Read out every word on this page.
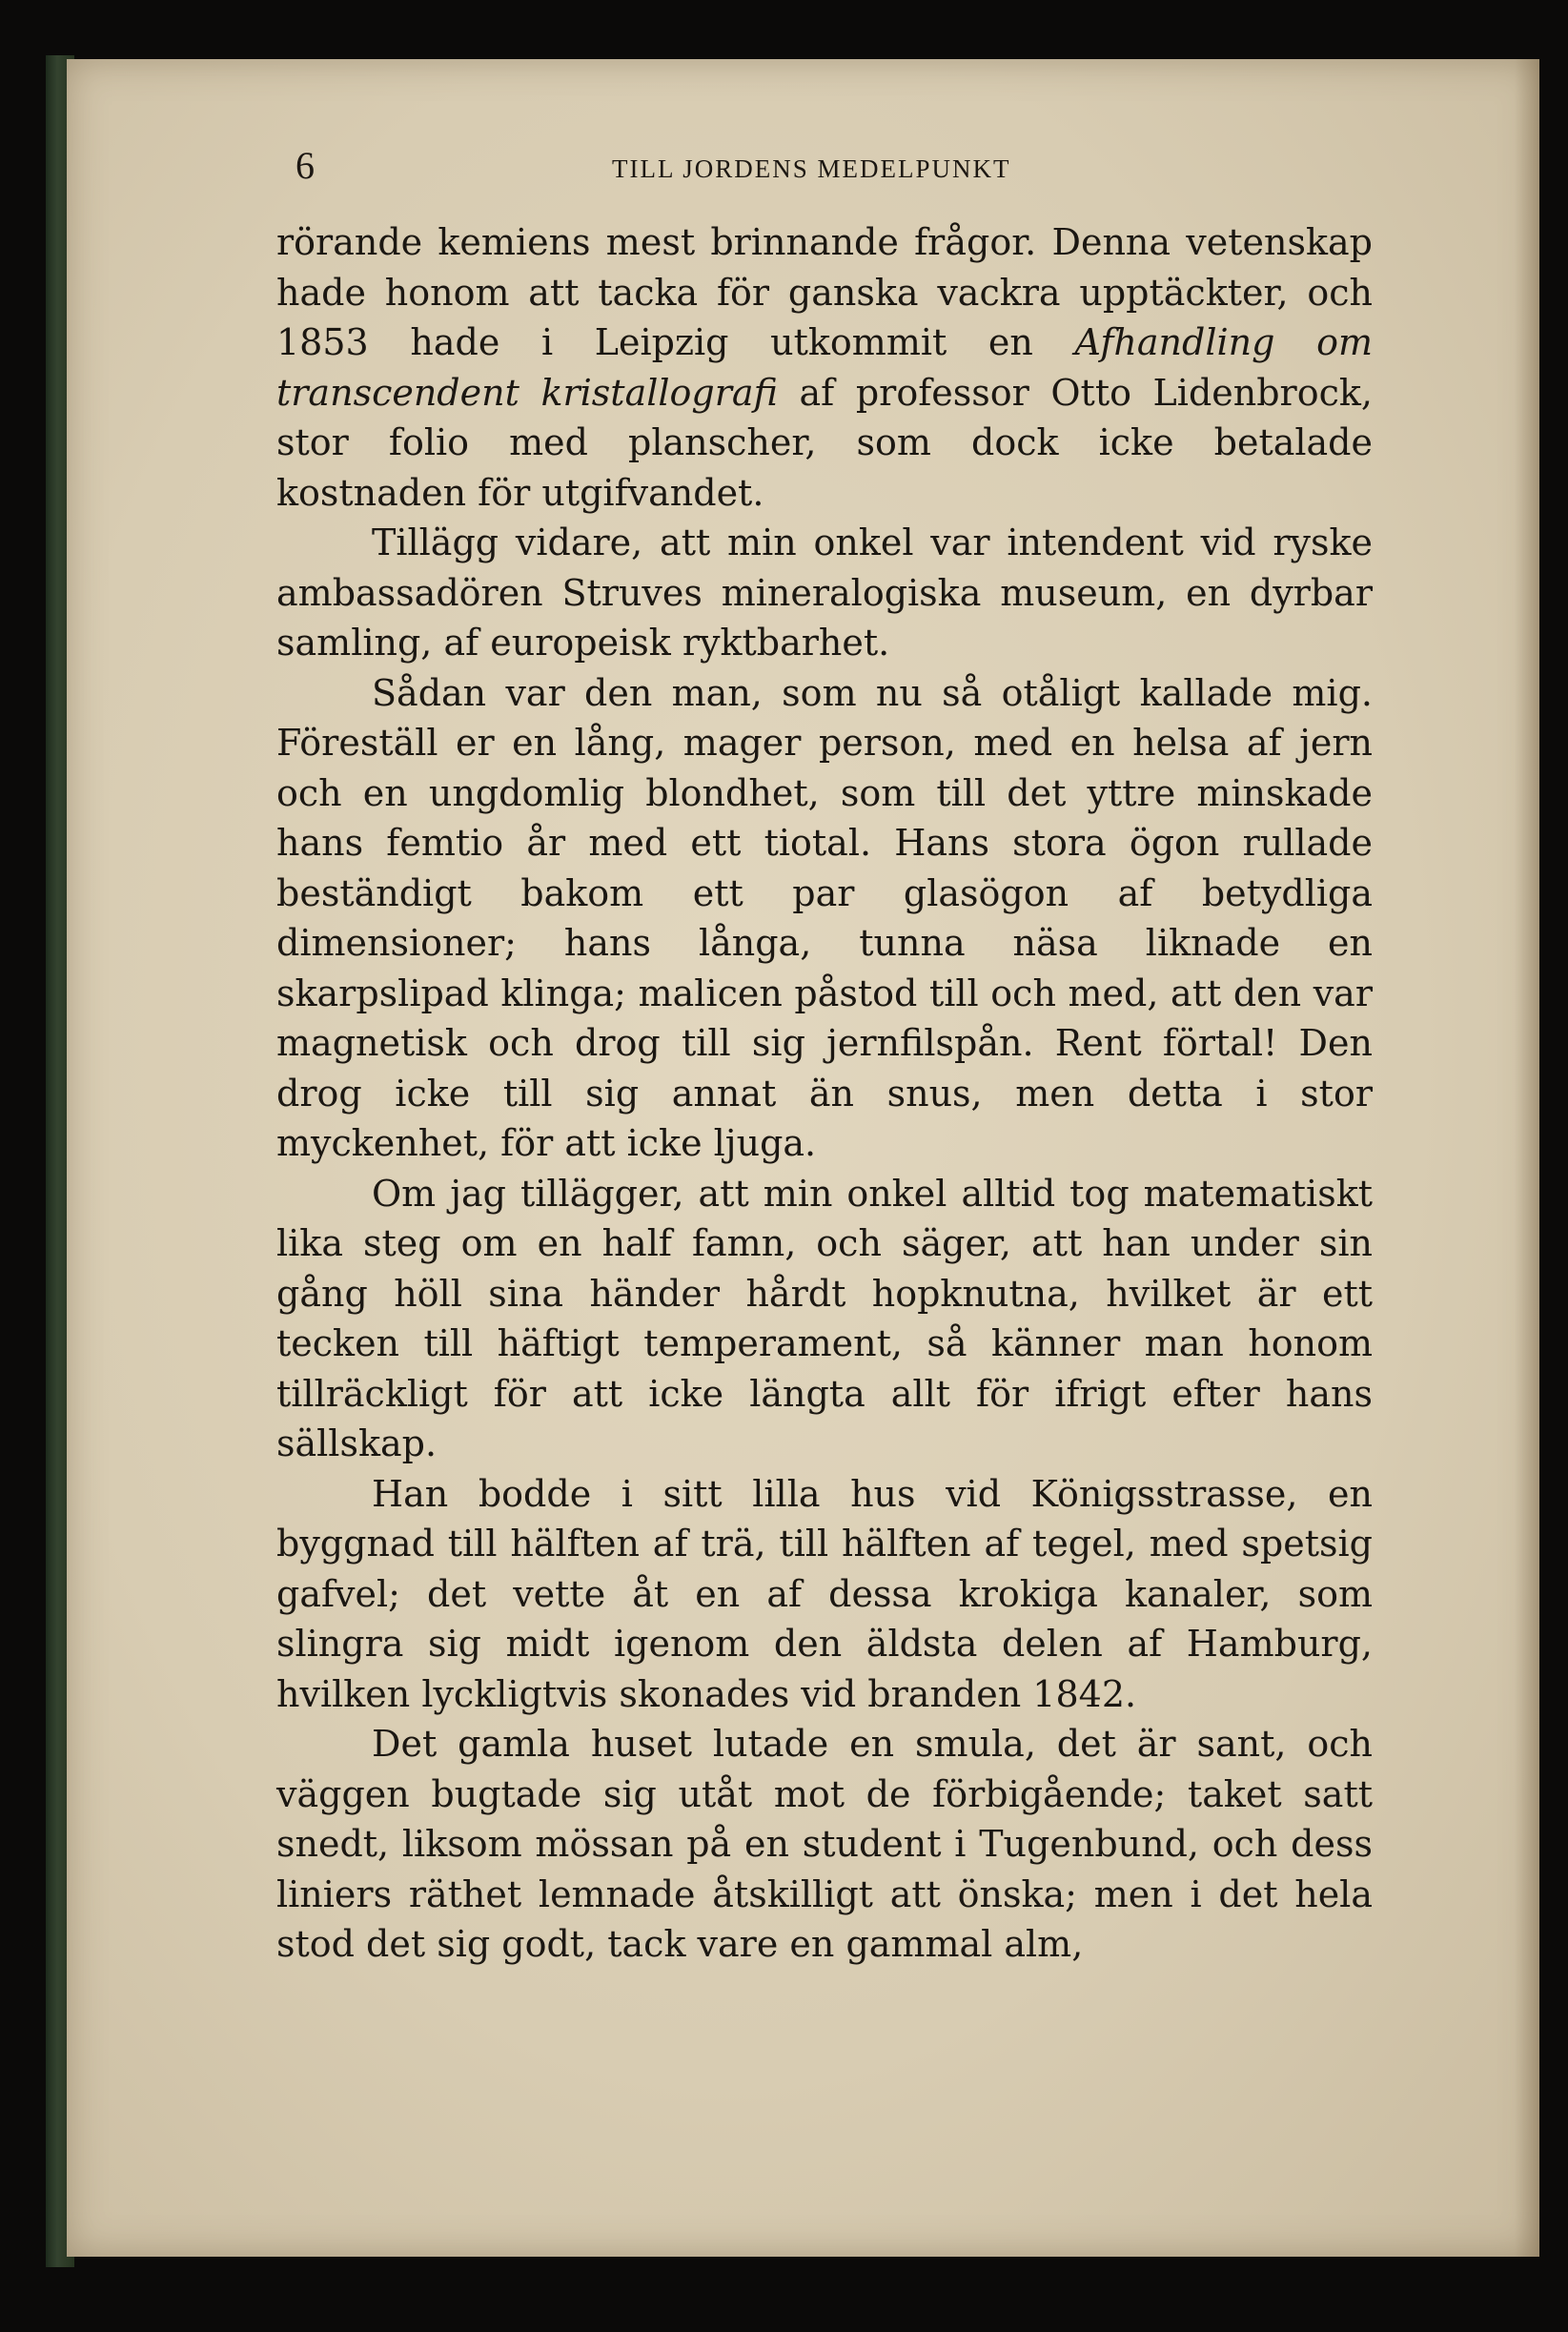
6	TILL JORDENS MEDELPUNKT

rörande kemiens mest brinnande frågor. Denna vetenskap hade honom att tacka för ganska vackra upptäckter, och 1853 hade i Leipzig utkommit en Afhandling om transcendent kristallografi af professor Otto Lidenbrock, stor folio med planscher, som dock icke betalade kostnaden för utgifvandet.

Tillägg vidare, att min onkel var intendent vid ryske ambassadören Struves mineralogiska museum, en dyrbar samling, af europeisk ryktbarhet.

Sådan var den man, som nu så otåligt kallade mig. Föreställ er en lång, mager person, med en helsa af jern och en ungdomlig blondhet, som till det yttre minskade hans femtio år med ett tiotal. Hans stora ögon rullade beständigt bakom ett par glasögon af betydliga dimensioner; hans långa, tunna näsa liknade en skarpslipad klinga; malicen påstod till och med, att den var magnetisk och drog till sig jernfilspån. Rent förtal! Den drog icke till sig annat än snus, men detta i stor myckenhet, för att icke ljuga.

Om jag tillägger, att min onkel alltid tog matematiskt lika steg om en half famn, och säger, att han under sin gång höll sina händer hårdt hopknutna, hvilket är ett tecken till häftigt temperament, så känner man honom tillräckligt för att icke längta allt för ifrigt efter hans sällskap.

Han bodde i sitt lilla hus vid Königsstrasse, en byggnad till hälften af trä, till hälften af tegel, med spetsig gafvel; det vette åt en af dessa krokiga kanaler, som slingra sig midt igenom den äldsta delen af Hamburg, hvilken lyckligtvis skonades vid branden 1842.

Det gamla huset lutade en smula, det är sant, och väggen bugtade sig utåt mot de förbigående; taket satt snedt, liksom mössan på en student i Tugenbund, och dess liniers räthet lemnade åtskilligt att önska; men i det hela stod det sig godt, tack vare en gammal alm,
